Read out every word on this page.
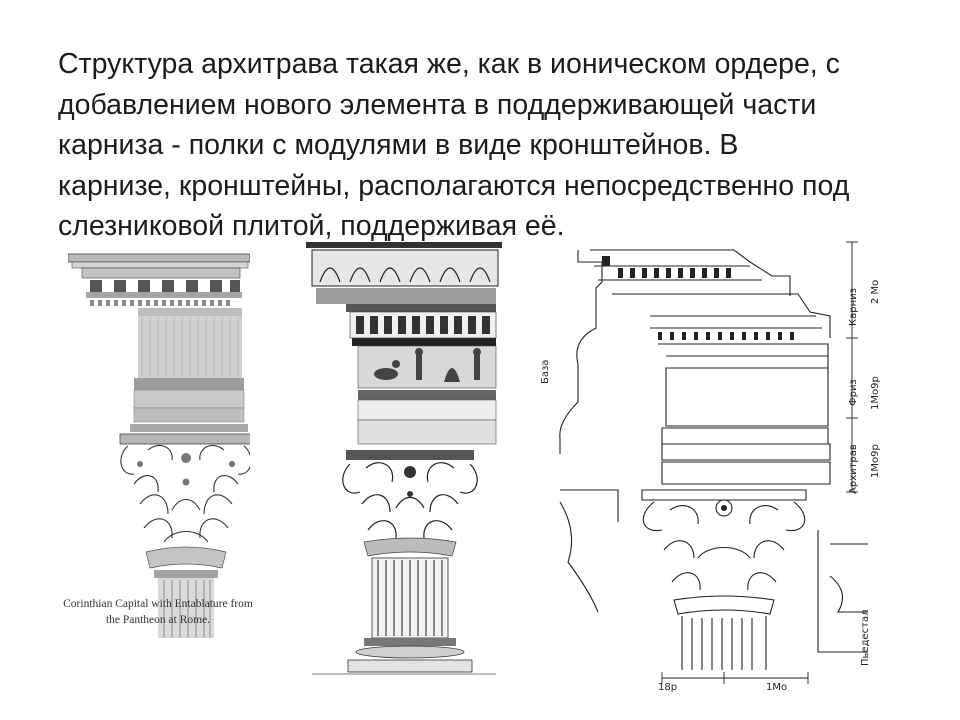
Структура архитрава такая же, как в ионическом ордере, с
добавлением нового элемента в поддерживающей части
карниза - полки с модулями в виде кронштейнов. В
карнизе, кронштейны, располагаются непосредственно под
слезниковой плитой, поддерживая её.
Corinthian Capital with Entablature from
the Pantheon at Rome.
База
Карниз
Фриз
Архитрав
Пьедестал
2 Мо
1Мо9р
1Мо9р
18р	1Мо
